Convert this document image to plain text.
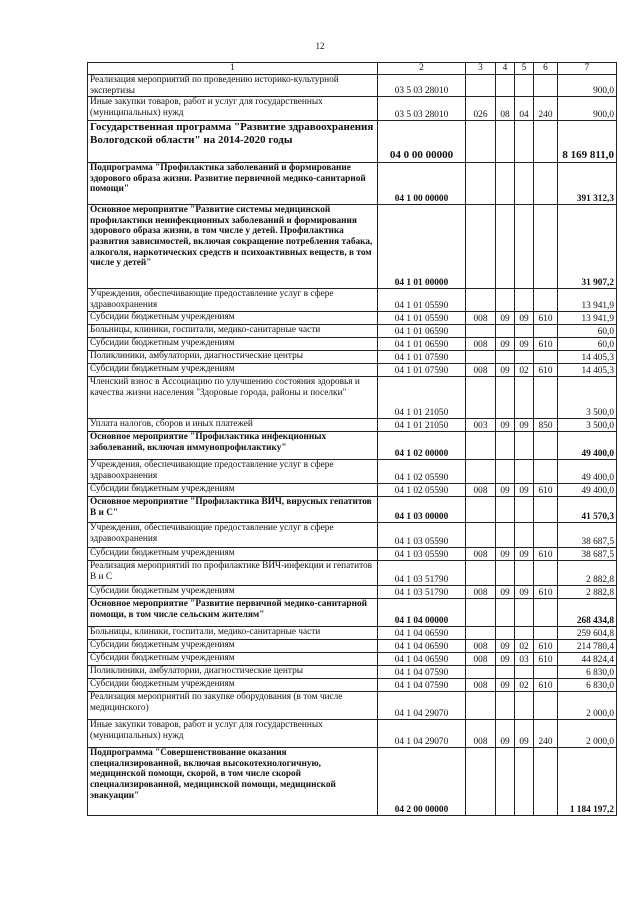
12
1	2	3	4	5	6	7
Реализация мероприятий по проведению историко-культурной экспертизы	03 5 03 28010					900,0
Иные закупки товаров, работ и услуг для государственных (муниципальных) нужд	03 5 03 28010	026	08	04	240	900,0
Государственная программа "Развитие здравоохранения Вологодской области" на 2014-2020 годы	04 0 00 00000					8 169 811,0
Подпрограмма "Профилактика заболеваний и формирование здорового образа жизни. Развитие первичной медико-санитарной помощи"	04 1 00 00000					391 312,3
Основное мероприятие "Развитие системы медицинской профилактики неинфекционных заболеваний и формирования здорового образа жизни, в том числе у детей. Профилактика развития зависимостей, включая сокращение потребления табака, алкоголя, наркотических средств и психоактивных веществ, в том числе у детей"	04 1 01 00000					31 907,2
Учреждения, обеспечивающие предоставление услуг в сфере здравоохранения	04 1 01 05590					13 941,9
Субсидии бюджетным учреждениям	04 1 01 05590	008	09	09	610	13 941,9
Больницы, клиники, госпитали, медико-санитарные части	04 1 01 06590					60,0
Субсидии бюджетным учреждениям	04 1 01 06590	008	09	09	610	60,0
Поликлиники, амбулатории, диагностические центры	04 1 01 07590					14 405,3
Субсидии бюджетным учреждениям	04 1 01 07590	008	09	02	610	14 405,3
Членский взнос в Ассоциацию по улучшению состояния здоровья и качества жизни населения "Здоровые города, районы и поселки"	04 1 01 21050					3 500,0
Уплата налогов, сборов и иных платежей	04 1 01 21050	003	09	09	850	3 500,0
Основное мероприятие "Профилактика инфекционных заболеваний, включая иммунопрофилактику"	04 1 02 00000					49 400,0
Учреждения, обеспечивающие предоставление услуг в сфере здравоохранения	04 1 02 05590					49 400,0
Субсидии бюджетным учреждениям	04 1 02 05590	008	09	09	610	49 400,0
Основное мероприятие "Профилактика ВИЧ, вирусных гепатитов В и С"	04 1 03 00000					41 570,3
Учреждения, обеспечивающие предоставление услуг в сфере здравоохранения	04 1 03 05590					38 687,5
Субсидии бюджетным учреждениям	04 1 03 05590	008	09	09	610	38 687,5
Реализация мероприятий по профилактике ВИЧ-инфекции и гепатитов В и С	04 1 03 51790					2 882,8
Субсидии бюджетным учреждениям	04 1 03 51790	008	09	09	610	2 882,8
Основное мероприятие "Развитие первичной медико-санитарной помощи, в том числе сельским жителям"	04 1 04 00000					268 434,8
Больницы, клиники, госпитали, медико-санитарные части	04 1 04 06590					259 604,8
Субсидии бюджетным учреждениям	04 1 04 06590	008	09	02	610	214 780,4
Субсидии бюджетным учреждениям	04 1 04 06590	008	09	03	610	44 824,4
Поликлиники, амбулатории, диагностические центры	04 1 04 07590					6 830,0
Субсидии бюджетным учреждениям	04 1 04 07590	008	09	02	610	6 830,0
Реализация мероприятий по закупке оборудования (в том числе медицинского)	04 1 04 29070					2 000,0
Иные закупки товаров, работ и услуг для государственных (муниципальных) нужд	04 1 04 29070	008	09	09	240	2 000,0
Подпрограмма "Совершенствование оказания специализированной, включая высокотехнологичную, медицинской помощи, скорой, в том числе скорой специализированной, медицинской помощи, медицинской эвакуации"	04 2 00 00000					1 184 197,2
